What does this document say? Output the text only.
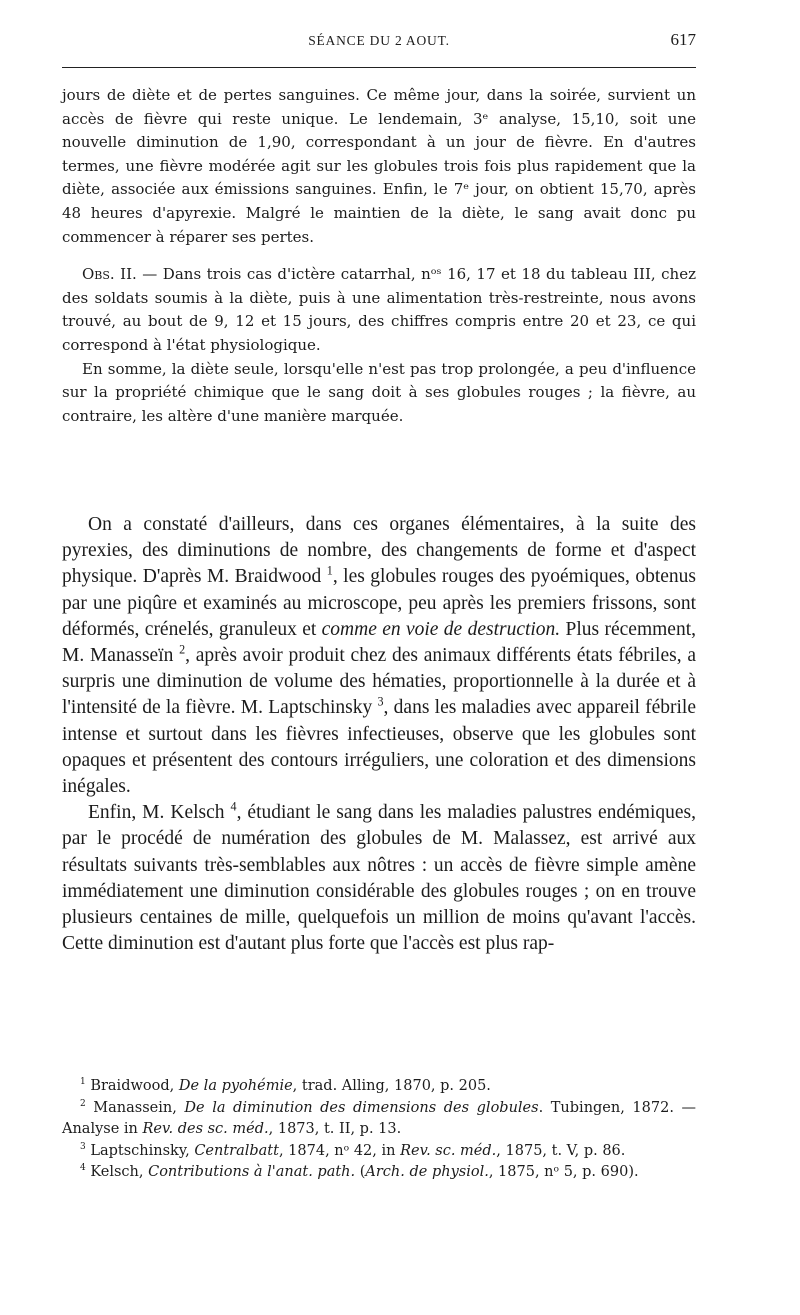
SÉANCE DU 2 AOUT.	617

jours de diète et de pertes sanguines. Ce même jour, dans la soirée, survient un accès de fièvre qui reste unique. Le lendemain, 3ᵉ analyse, 15,10, soit une nouvelle diminution de 1,90, correspondant à un jour de fièvre. En d'autres termes, une fièvre modérée agit sur les globules trois fois plus rapidement que la diète, associée aux émissions sanguines. Enfin, le 7ᵉ jour, on obtient 15,70, après 48 heures d'apyrexie. Malgré le maintien de la diète, le sang avait donc pu commencer à réparer ses pertes.

Obs. II. — Dans trois cas d'ictère catarrhal, nᵒˢ 16, 17 et 18 du tableau III, chez des soldats soumis à la diète, puis à une alimentation très-restreinte, nous avons trouvé, au bout de 9, 12 et 15 jours, des chiffres compris entre 20 et 23, ce qui correspond à l'état physiologique.

En somme, la diète seule, lorsqu'elle n'est pas trop prolongée, a peu d'influence sur la propriété chimique que le sang doit à ses globules rouges ; la fièvre, au contraire, les altère d'une manière marquée.

On a constaté d'ailleurs, dans ces organes élémentaires, à la suite des pyrexies, des diminutions de nombre, des changements de forme et d'aspect physique. D'après M. Braidwood $^1$, les globules rouges des pyoémiques, obtenus par une piqûre et examinés au microscope, peu après les premiers frissons, sont déformés, crénelés, granuleux et comme en voie de destruction. Plus récemment, M. Manasseïn $^2$, après avoir produit chez des animaux différents états fébriles, a surpris une diminution de volume des hématies, proportionnelle à la durée et à l'intensité de la fièvre. M. Laptschinsky $^3$, dans les maladies avec appareil fébrile intense et surtout dans les fièvres infectieuses, observe que les globules sont opaques et présentent des contours irréguliers, une coloration et des dimensions inégales.

Enfin, M. Kelsch $^4$, étudiant le sang dans les maladies palustres endémiques, par le procédé de numération des globules de M. Malassez, est arrivé aux résultats suivants très-semblables aux nôtres : un accès de fièvre simple amène immédiatement une diminution considérable des globules rouges ; on en trouve plusieurs centaines de mille, quelquefois un million de moins qu'avant l'accès. Cette diminution est d'autant plus forte que l'accès est plus rap-

$^1$ Braidwood, De la pyohémie, trad. Alling, 1870, p. 205.

$^2$ Manassein, De la diminution des dimensions des globules. Tubingen, 1872. — Analyse in Rev. des sc. méd., 1873, t. II, p. 13.

$^3$ Laptschinsky, Centralbatt, 1874, nᵒ 42, in Rev. sc. méd., 1875, t. V, p. 86.

$^4$ Kelsch, Contributions à l'anat. path. (Arch. de physiol., 1875, nᵒ 5, p. 690).
